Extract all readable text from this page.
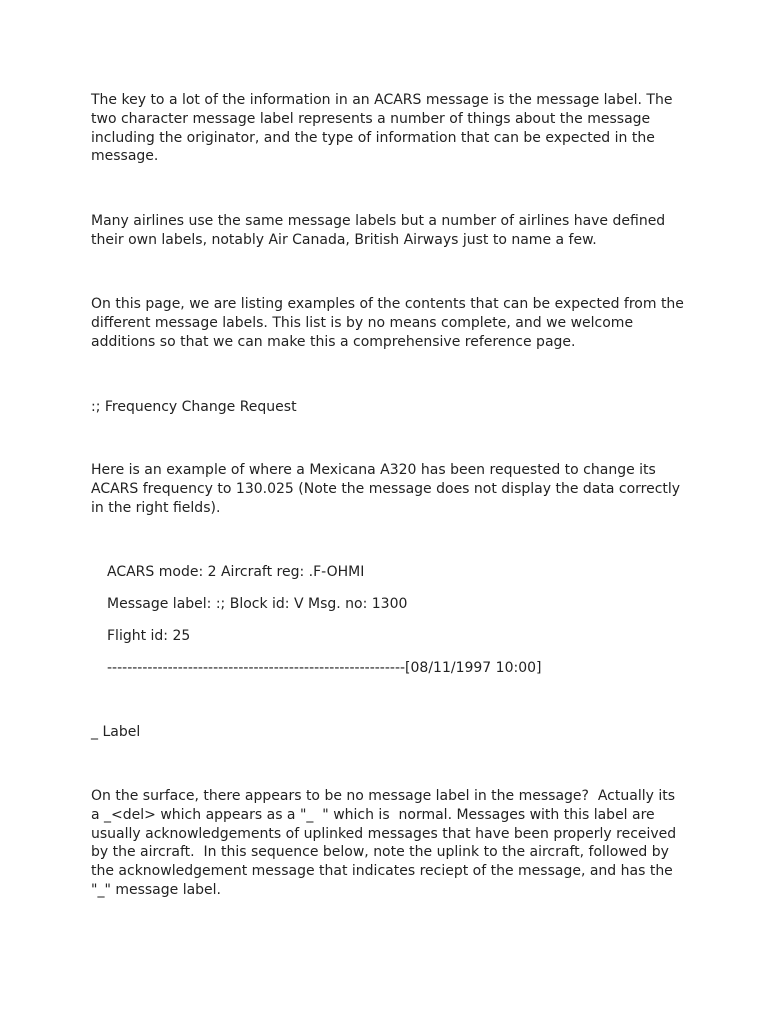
The key to a lot of the information in an ACARS message is the message label. The
two character message label represents a number of things about the message
including the originator, and the type of information that can be expected in the
message.

Many airlines use the same message labels but a number of airlines have defined
their own labels, notably Air Canada, British Airways just to name a few.

On this page, we are listing examples of the contents that can be expected from the
different message labels. This list is by no means complete, and we welcome
additions so that we can make this a comprehensive reference page.

:; Frequency Change Request

Here is an example of where a Mexicana A320 has been requested to change its
ACARS frequency to 130.025 (Note the message does not display the data correctly
in the right fields).

ACARS mode: 2 Aircraft reg: .F-OHMI

Message label: :; Block id: V Msg. no: 1300

Flight id: 25

-----------------------------------------------------------[08/11/1997 10:00]

_ Label

On the surface, there appears to be no message label in the message?  Actually its
a _<del> which appears as a "_  " which is  normal. Messages with this label are
usually acknowledgements of uplinked messages that have been properly received
by the aircraft.  In this sequence below, note the uplink to the aircraft, followed by
the acknowledgement message that indicates reciept of the message, and has the
"_" message label.
